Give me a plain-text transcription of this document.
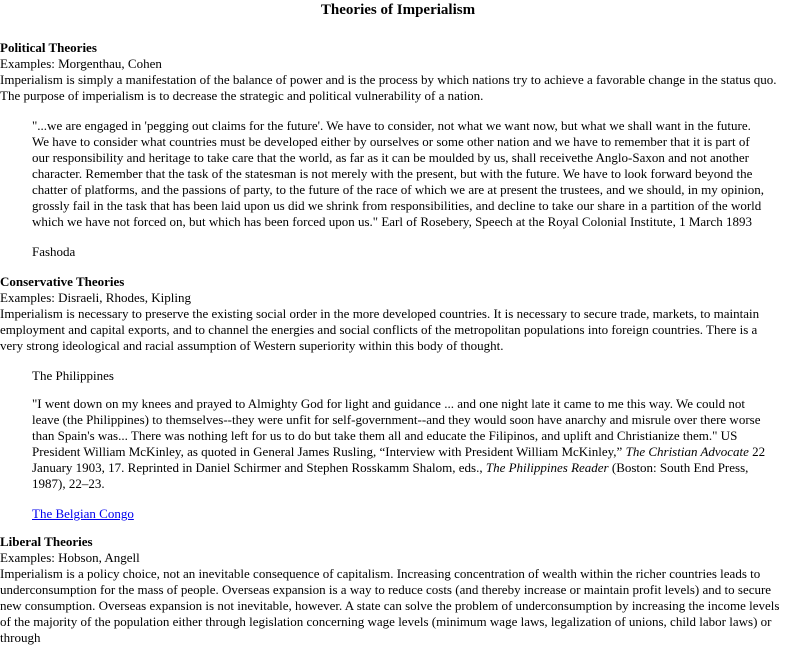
Theories of Imperialism
Political Theories
Examples: Morgenthau, Cohen
Imperialism is simply a manifestation of the balance of power and is the process by which nations try to achieve a favorable change in the status quo. The purpose of imperialism is to decrease the strategic and political vulnerability of a nation.
"...we are engaged in 'pegging out claims for the future'. We have to consider, not what we want now, but what we shall want in the future. We have to consider what countries must be developed either by ourselves or some other nation and we have to remember that it is part of our responsibility and heritage to take care that the world, as far as it can be moulded by us, shall receivethe Anglo-Saxon and not another character. Remember that the task of the statesman is not merely with the present, but with the future. We have to look forward beyond the chatter of platforms, and the passions of party, to the future of the race of which we are at present the trustees, and we should, in my opinion, grossly fail in the task that has been laid upon us did we shrink from responsibilities, and decline to take our share in a partition of the world which we have not forced on, but which has been forced upon us." Earl of Rosebery, Speech at the Royal Colonial Institute, 1 March 1893
Fashoda
Conservative Theories
Examples: Disraeli, Rhodes, Kipling
Imperialism is necessary to preserve the existing social order in the more developed countries. It is necessary to secure trade, markets, to maintain employment and capital exports, and to channel the energies and social conflicts of the metropolitan populations into foreign countries. There is a very strong ideological and racial assumption of Western superiority within this body of thought.
The Philippines
"I went down on my knees and prayed to Almighty God for light and guidance ... and one night late it came to me this way. We could not leave (the Philippines) to themselves--they were unfit for self-government--and they would soon have anarchy and misrule over there worse than Spain's was... There was nothing left for us to do but take them all and educate the Filipinos, and uplift and Christianize them." US President William McKinley, as quoted in General James Rusling, “Interview with President William McKinley,” The Christian Advocate 22 January 1903, 17. Reprinted in Daniel Schirmer and Stephen Rosskamm Shalom, eds., The Philippines Reader (Boston: South End Press, 1987), 22–23.
The Belgian Congo
Liberal Theories
Examples: Hobson, Angell
Imperialism is a policy choice, not an inevitable consequence of capitalism. Increasing concentration of wealth within the richer countries leads to underconsumption for the mass of people. Overseas expansion is a way to reduce costs (and thereby increase or maintain profit levels) and to secure new consumption. Overseas expansion is not inevitable, however. A state can solve the problem of underconsumption by increasing the income levels of the majority of the population either through legislation concerning wage levels (minimum wage laws, legalization of unions, child labor laws) or through
